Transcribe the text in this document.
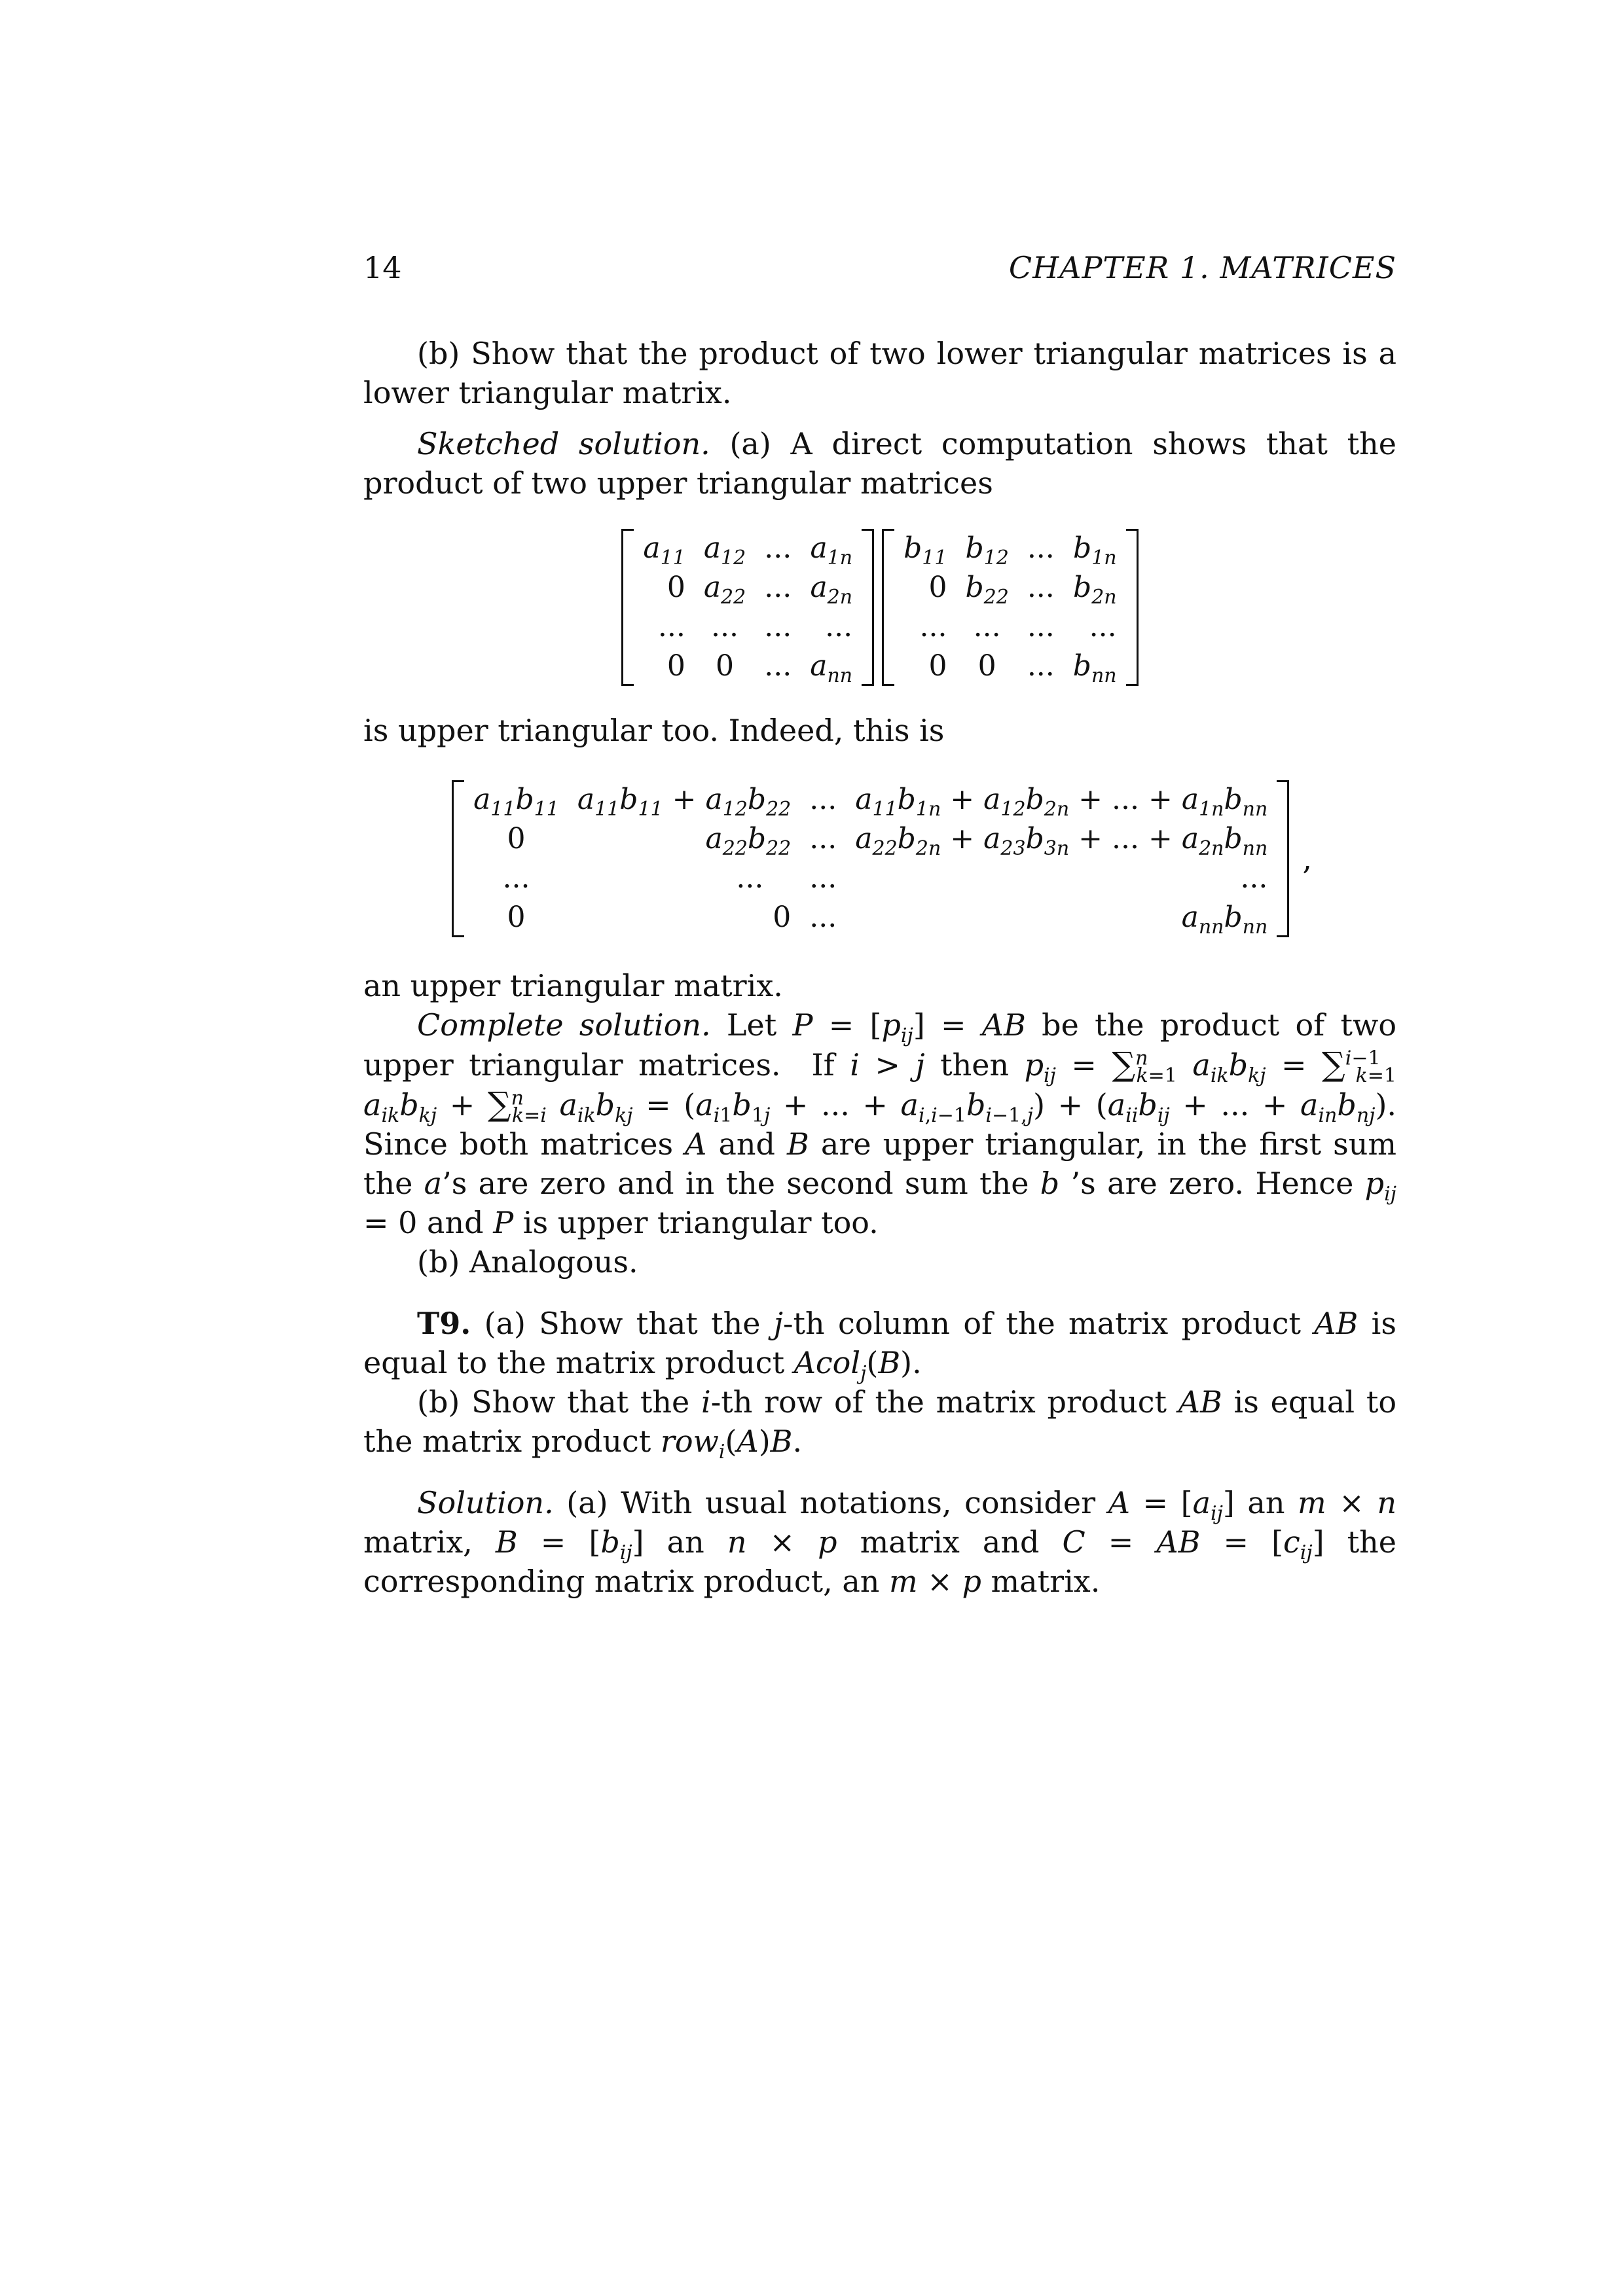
14	CHAPTER 1. MATRICES

(b) Show that the product of two lower triangular matrices is a lower triangular matrix.

Sketched solution. (a) A direct computation shows that the product of two upper triangular matrices

$a_{11}$	$a_{12}$	...	$a_{1n}$
0	$a_{22}$	...	$a_{2n}$
...	...	...	...
0	0	...	$a_{nn}$
$b_{11}$	$b_{12}$	...	$b_{1n}$
0	$b_{22}$	...	$b_{2n}$
...	...	...	...
0	0	...	$b_{nn}$

is upper triangular too. Indeed, this is

$a_{11}b_{11}$	$a_{11}b_{11} + a_{12}b_{22}$	...	$a_{11}b_{1n} + a_{12}b_{2n}$ + ... + $a_{1n}b_{nn}$
0	$a_{22}b_{22}$	...	$a_{22}b_{2n} + a_{23}b_{3n}$ + ... + $a_{2n}b_{nn}$
...	...	...	...
0	0	...	$a_{nn}b_{nn}$
,

an upper triangular matrix.

Complete solution. Let $P = [p_{ij}]$ = AB be the product of two upper triangular matrices.  If i > j then $p_{ij} = \sum^n_{k=1}$ $a_{ik}b_{kj} = \sum^{i-1}_{k=1}$ $a_{ik}b_{kj} + \sum^n_{k=i}$ $a_{ik}b_{kj} = (a_{i1}b_{1j}$ + ... + $a_{i,i-1}b_{i-1,j}) + (a_{ii}b_{ij}$ + ... + $a_{in}b_{nj}$). Since both matrices A and B are upper triangular, in the first sum the a’s are zero and in the second sum the b ’s are zero. Hence $p_{ij} = 0$ and P is upper triangular too.

(b) Analogous.

T9. (a) Show that the j-th column of the matrix product AB is equal to the matrix product Acol$_j$(B).

(b) Show that the i-th row of the matrix product AB is equal to the matrix product row$_i$(A)B.

Solution. (a) With usual notations, consider $A = [a_{ij}]$ an m × n matrix, $B = [b_{ij}]$ an n × p matrix and C = AB = $[c_{ij}]$ the corresponding matrix product, an m × p matrix.
